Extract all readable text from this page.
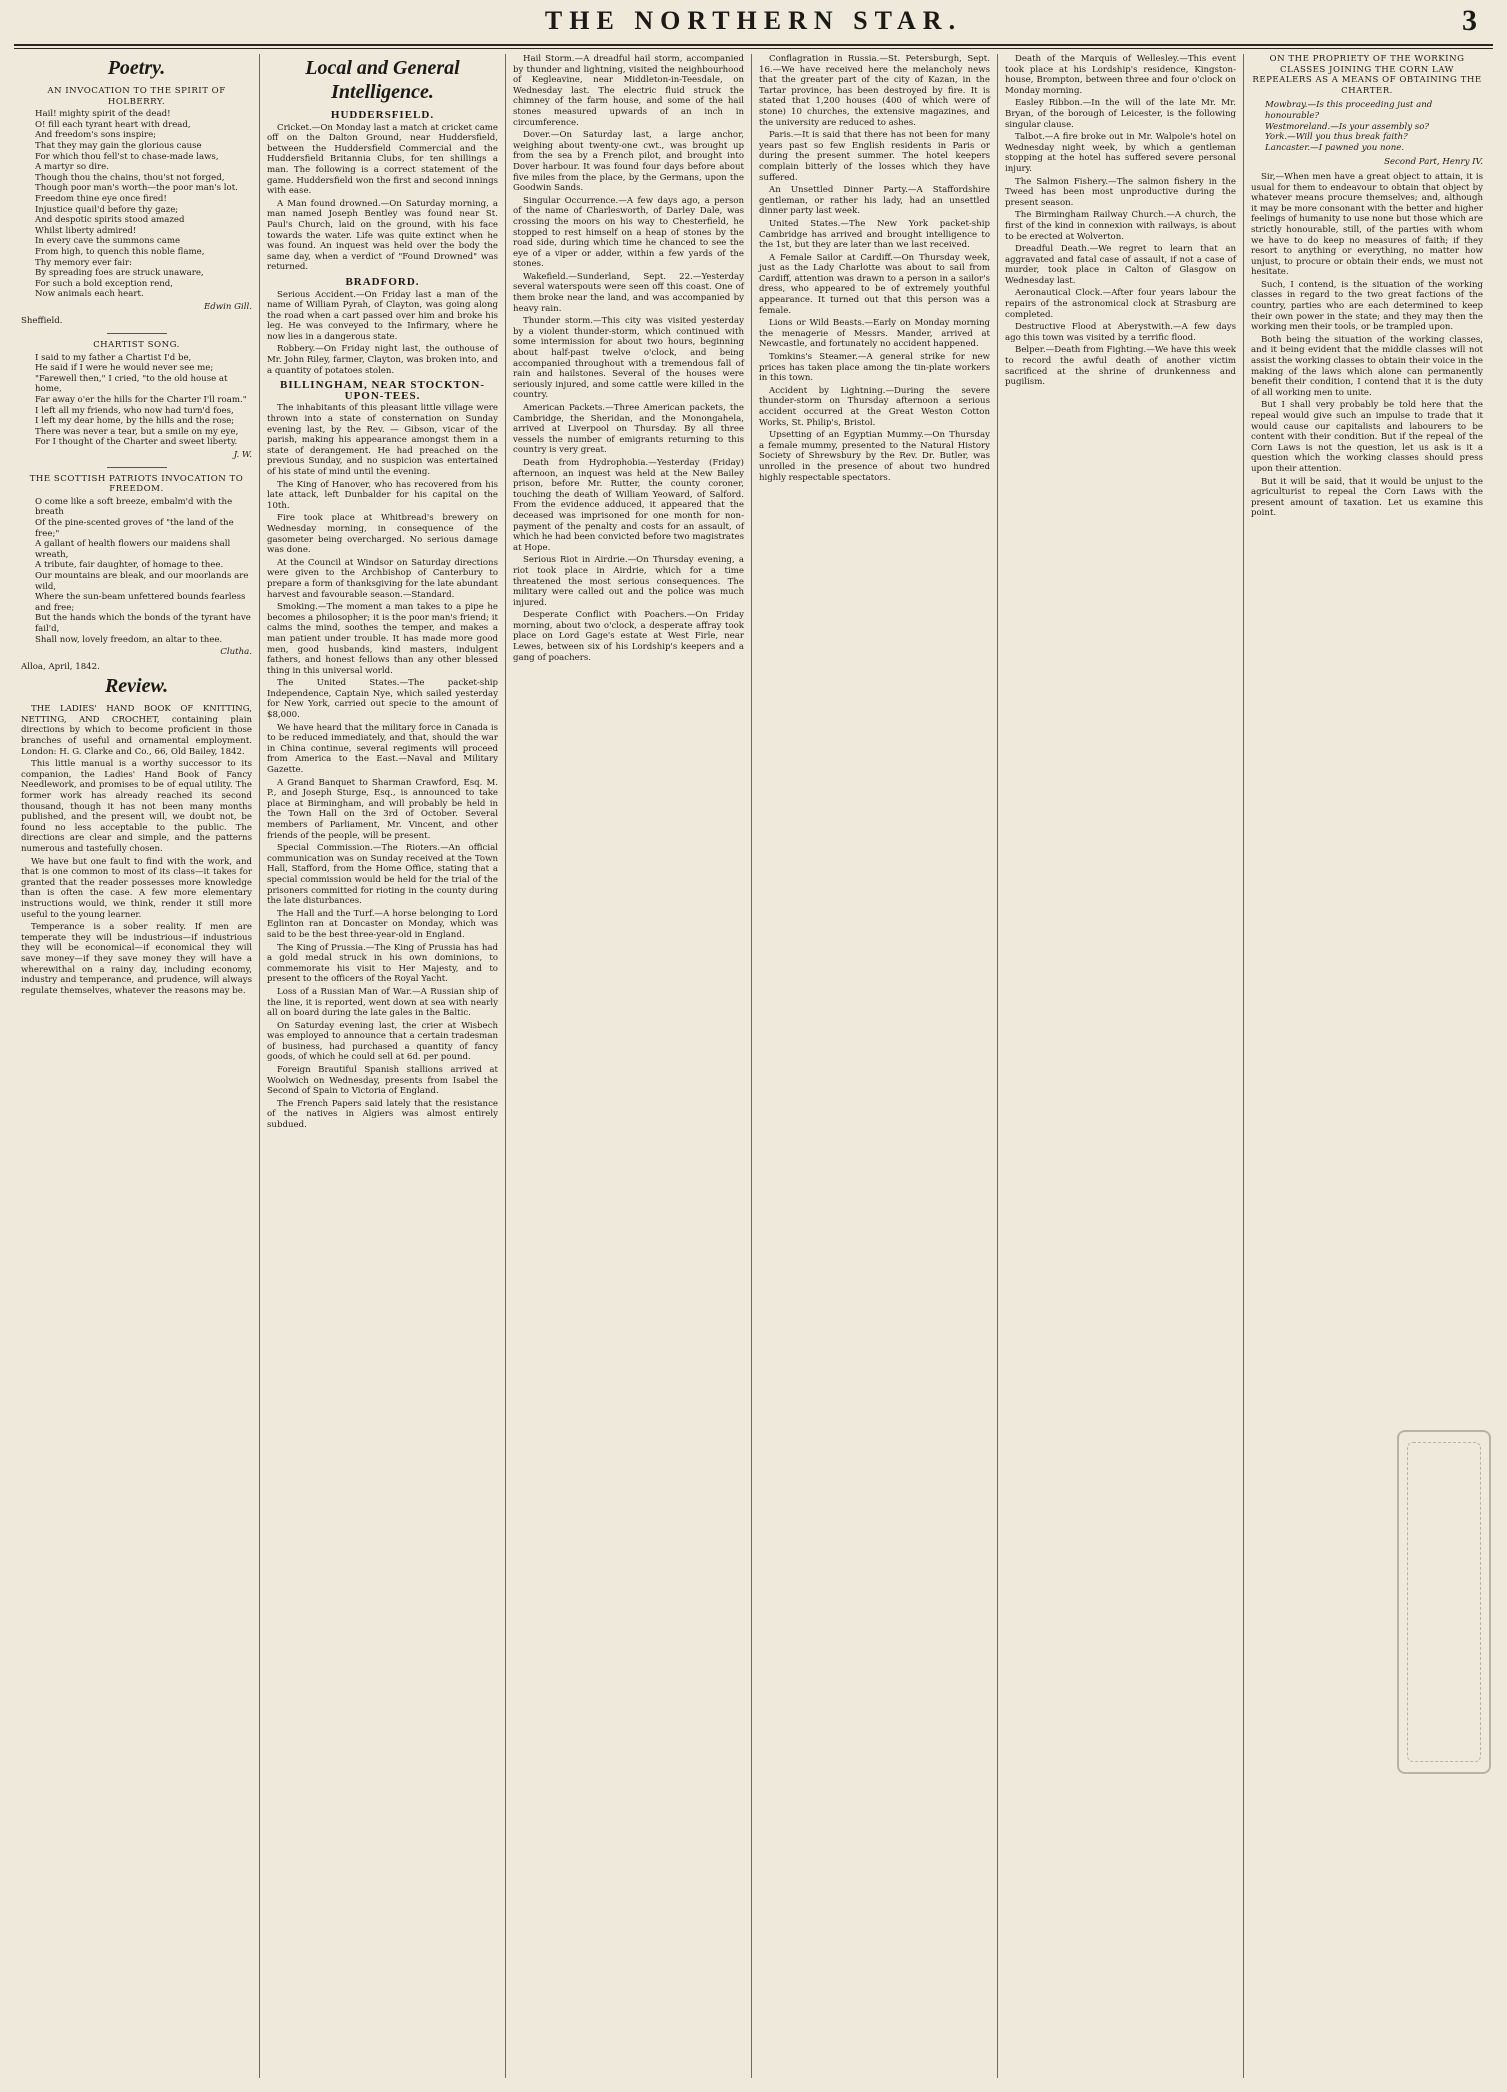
THE NORTHERN STAR.	3
Poetry.

AN INVOCATION TO THE SPIRIT OF HOLBERRY.

Hail! mighty spirit of the dead!

O! fill each tyrant heart with dread,

And freedom's sons inspire;

That they may gain the glorious cause

For which thou fell'st to chase-made laws,

A martyr so dire.

Though thou the chains, thou'st not forged,

Though poor man's worth—the poor man's lot.

Freedom thine eye once fired!

Injustice quail'd before thy gaze;

And despotic spirits stood amazed

Whilst liberty admired!

In every cave the summons came

From high, to quench this noble flame,

Thy memory ever fair:

By spreading foes are struck unaware,

For such a bold exception rend,

Now animals each heart.

Edwin Gill.

Sheffield.

CHARTIST SONG.

I said to my father a Chartist I'd be,

He said if I were he would never see me;

"Farewell then," I cried, "to the old house at home,

Far away o'er the hills for the Charter I'll roam."

I left all my friends, who now had turn'd foes,

I left my dear home, by the hills and the rose;

There was never a tear, but a smile on my eye,

For I thought of the Charter and sweet liberty.

J. W.

THE SCOTTISH PATRIOTS INVOCATION TO FREEDOM.

O come like a soft breeze, embalm'd with the breath

Of the pine-scented groves of "the land of the free;"

A gallant of health flowers our maidens shall wreath,

A tribute, fair daughter, of homage to thee.

Our mountains are bleak, and our moorlands are wild,

Where the sun-beam unfettered bounds fearless and free;

But the hands which the bonds of the tyrant have fail'd,

Shall now, lovely freedom, an altar to thee.

Clutha.

Alloa, April, 1842.

Review.

THE LADIES' HAND BOOK OF KNITTING, NETTING, AND CROCHET, containing plain directions by which to become proficient in those branches of useful and ornamental employment. London: H. G. Clarke and Co., 66, Old Bailey, 1842.

This little manual is a worthy successor to its companion, the Ladies' Hand Book of Fancy Needlework, and promises to be of equal utility. The former work has already reached its second thousand, though it has not been many months published, and the present will, we doubt not, be found no less acceptable to the public. The directions are clear and simple, and the patterns numerous and tastefully chosen.

We have but one fault to find with the work, and that is one common to most of its class—it takes for granted that the reader possesses more knowledge than is often the case. A few more elementary instructions would, we think, render it still more useful to the young learner.

Temperance is a sober reality. If men are temperate they will be industrious—if industrious they will be economical—if economical they will save money—if they save money they will have a wherewithal on a rainy day, including economy, industry and temperance, and prudence, will always regulate themselves, whatever the reasons may be.

Local and General Intelligence.
HUDDERSFIELD.

Cricket.—On Monday last a match at cricket came off on the Dalton Ground, near Huddersfield, between the Huddersfield Commercial and the Huddersfield Britannia Clubs, for ten shillings a man. The following is a correct statement of the game. Huddersfield won the first and second innings with ease.

A Man found drowned.—On Saturday morning, a man named Joseph Bentley was found near St. Paul's Church, laid on the ground, with his face towards the water. Life was quite extinct when he was found. An inquest was held over the body the same day, when a verdict of "Found Drowned" was returned.

BRADFORD.

Serious Accident.—On Friday last a man of the name of William Pyrah, of Clayton, was going along the road when a cart passed over him and broke his leg. He was conveyed to the Infirmary, where he now lies in a dangerous state.

Robbery.—On Friday night last, the outhouse of Mr. John Riley, farmer, Clayton, was broken into, and a quantity of potatoes stolen.

BILLINGHAM, NEAR STOCKTON-UPON-TEES.

The inhabitants of this pleasant little village were thrown into a state of consternation on Sunday evening last, by the Rev. — Gibson, vicar of the parish, making his appearance amongst them in a state of derangement. He had preached on the previous Sunday, and no suspicion was entertained of his state of mind until the evening.

The King of Hanover, who has recovered from his late attack, left Dunbalder for his capital on the 10th.

Fire took place at Whitbread's brewery on Wednesday morning, in consequence of the gasometer being overcharged. No serious damage was done.

At the Council at Windsor on Saturday directions were given to the Archbishop of Canterbury to prepare a form of thanksgiving for the late abundant harvest and favourable season.—Standard.

Smoking.—The moment a man takes to a pipe he becomes a philosopher; it is the poor man's friend; it calms the mind, soothes the temper, and makes a man patient under trouble. It has made more good men, good husbands, kind masters, indulgent fathers, and honest fellows than any other blessed thing in this universal world.

The United States.—The packet-ship Independence, Captain Nye, which sailed yesterday for New York, carried out specie to the amount of $8,000.

We have heard that the military force in Canada is to be reduced immediately, and that, should the war in China continue, several regiments will proceed from America to the East.—Naval and Military Gazette.

A Grand Banquet to Sharman Crawford, Esq. M. P., and Joseph Sturge, Esq., is announced to take place at Birmingham, and will probably be held in the Town Hall on the 3rd of October. Several members of Parliament, Mr. Vincent, and other friends of the people, will be present.

Special Commission.—The Rioters.—An official communication was on Sunday received at the Town Hall, Stafford, from the Home Office, stating that a special commission would be held for the trial of the prisoners committed for rioting in the county during the late disturbances.

The Hall and the Turf.—A horse belonging to Lord Eglinton ran at Doncaster on Monday, which was said to be the best three-year-old in England.

The King of Prussia.—The King of Prussia has had a gold medal struck in his own dominions, to commemorate his visit to Her Majesty, and to present to the officers of the Royal Yacht.

Loss of a Russian Man of War.—A Russian ship of the line, it is reported, went down at sea with nearly all on board during the late gales in the Baltic.

On Saturday evening last, the crier at Wisbech was employed to announce that a certain tradesman of business, had purchased a quantity of fancy goods, of which he could sell at 6d. per pound.

Foreign Brautiful Spanish stallions arrived at Woolwich on Wednesday, presents from Isabel the Second of Spain to Victoria of England.

The French Papers said lately that the resistance of the natives in Algiers was almost entirely subdued.

Hail Storm.—A dreadful hail storm, accompanied by thunder and lightning, visited the neighbourhood of Kegleavine, near Middleton-in-Teesdale, on Wednesday last. The electric fluid struck the chimney of the farm house, and some of the hail stones measured upwards of an inch in circumference.

Dover.—On Saturday last, a large anchor, weighing about twenty-one cwt., was brought up from the sea by a French pilot, and brought into Dover harbour. It was found four days before about five miles from the place, by the Germans, upon the Goodwin Sands.

Singular Occurrence.—A few days ago, a person of the name of Charlesworth, of Darley Dale, was crossing the moors on his way to Chesterfield, he stopped to rest himself on a heap of stones by the road side, during which time he chanced to see the eye of a viper or adder, within a few yards of the stones.

Wakefield.—Sunderland, Sept. 22.—Yesterday several waterspouts were seen off this coast. One of them broke near the land, and was accompanied by heavy rain.

Thunder storm.—This city was visited yesterday by a violent thunder-storm, which continued with some intermission for about two hours, beginning about half-past twelve o'clock, and being accompanied throughout with a tremendous fall of rain and hailstones. Several of the houses were seriously injured, and some cattle were killed in the country.

American Packets.—Three American packets, the Cambridge, the Sheridan, and the Monongahela, arrived at Liverpool on Thursday. By all three vessels the number of emigrants returning to this country is very great.

Death from Hydrophobia.—Yesterday (Friday) afternoon, an inquest was held at the New Bailey prison, before Mr. Rutter, the county coroner, touching the death of William Yeoward, of Salford. From the evidence adduced, it appeared that the deceased was imprisoned for one month for non-payment of the penalty and costs for an assault, of which he had been convicted before two magistrates at Hope.

Serious Riot in Airdrie.—On Thursday evening, a riot took place in Airdrie, which for a time threatened the most serious consequences. The military were called out and the police was much injured.

Desperate Conflict with Poachers.—On Friday morning, about two o'clock, a desperate affray took place on Lord Gage's estate at West Firle, near Lewes, between six of his Lordship's keepers and a gang of poachers.

Conflagration in Russia.—St. Petersburgh, Sept. 16.—We have received here the melancholy news that the greater part of the city of Kazan, in the Tartar province, has been destroyed by fire. It is stated that 1,200 houses (400 of which were of stone) 10 churches, the extensive magazines, and the university are reduced to ashes.

Paris.—It is said that there has not been for many years past so few English residents in Paris or during the present summer. The hotel keepers complain bitterly of the losses which they have suffered.

An Unsettled Dinner Party.—A Staffordshire gentleman, or rather his lady, had an unsettled dinner party last week.

United States.—The New York packet-ship Cambridge has arrived and brought intelligence to the 1st, but they are later than we last received.

A Female Sailor at Cardiff.—On Thursday week, just as the Lady Charlotte was about to sail from Cardiff, attention was drawn to a person in a sailor's dress, who appeared to be of extremely youthful appearance. It turned out that this person was a female.

Lions or Wild Beasts.—Early on Monday morning the menagerie of Messrs. Mander, arrived at Newcastle, and fortunately no accident happened.

Tomkins's Steamer.—A general strike for new prices has taken place among the tin-plate workers in this town.

Accident by Lightning.—During the severe thunder-storm on Thursday afternoon a serious accident occurred at the Great Weston Cotton Works, St. Philip's, Bristol.

Upsetting of an Egyptian Mummy.—On Thursday a female mummy, presented to the Natural History Society of Shrewsbury by the Rev. Dr. Butler, was unrolled in the presence of about two hundred highly respectable spectators.

Death of the Marquis of Wellesley.—This event took place at his Lordship's residence, Kingston-house, Brompton, between three and four o'clock on Monday morning.

Easley Ribbon.—In the will of the late Mr. Mr. Bryan, of the borough of Leicester, is the following singular clause.

Talbot.—A fire broke out in Mr. Walpole's hotel on Wednesday night week, by which a gentleman stopping at the hotel has suffered severe personal injury.

The Salmon Fishery.—The salmon fishery in the Tweed has been most unproductive during the present season.

The Birmingham Railway Church.—A church, the first of the kind in connexion with railways, is about to be erected at Wolverton.

Dreadful Death.—We regret to learn that an aggravated and fatal case of assault, if not a case of murder, took place in Calton of Glasgow on Wednesday last.

Aeronautical Clock.—After four years labour the repairs of the astronomical clock at Strasburg are completed.

Destructive Flood at Aberystwith.—A few days ago this town was visited by a terrific flood.

Belper.—Death from Fighting.—We have this week to record the awful death of another victim sacrificed at the shrine of drunkenness and pugilism.

ON THE PROPRIETY OF THE WORKING CLASSES JOINING THE CORN LAW REPEALERS AS A MEANS OF OBTAINING THE CHARTER.

Mowbray.—Is this proceeding just and honourable?

Westmoreland.—Is your assembly so?

York.—Will you thus break faith?

Lancaster.—I pawned you none.

Second Part, Henry IV.

Sir,—When men have a great object to attain, it is usual for them to endeavour to obtain that object by whatever means procure themselves; and, although it may be more consonant with the better and higher feelings of humanity to use none but those which are strictly honourable, still, of the parties with whom we have to do keep no measures of faith; if they resort to anything or everything, no matter how unjust, to procure or obtain their ends, we must not hesitate.

Such, I contend, is the situation of the working classes in regard to the two great factions of the country, parties who are each determined to keep their own power in the state; and they may then the working men their tools, or be trampled upon.

Both being the situation of the working classes, and it being evident that the middle classes will not assist the working classes to obtain their voice in the making of the laws which alone can permanently benefit their condition, I contend that it is the duty of all working men to unite.

But I shall very probably be told here that the repeal would give such an impulse to trade that it would cause our capitalists and labourers to be content with their condition. But if the repeal of the Corn Laws is not the question, let us ask is it a question which the working classes should press upon their attention.

But it will be said, that it would be unjust to the agriculturist to repeal the Corn Laws with the present amount of taxation. Let us examine this point.
